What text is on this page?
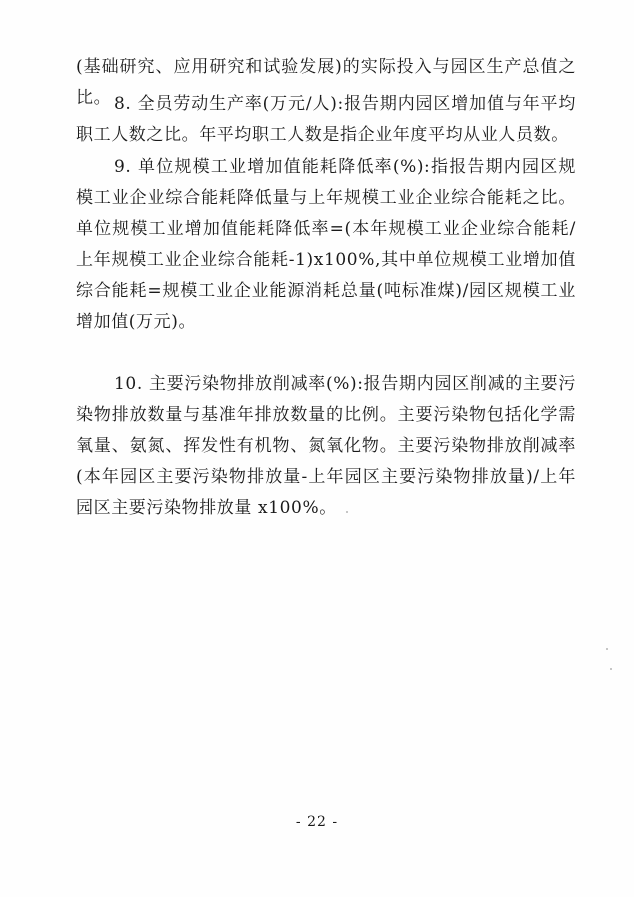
(基础研究、应用研究和试验发展)的实际投入与园区生产总值之比。 8. 全员劳动生产率(万元/人):报告期内园区增加值与年平均职工人数之比。年平均职工人数是指企业年度平均从业人员数。

9. 单位规模工业增加值能耗降低率(%):指报告期内园区规模工业企业综合能耗降低量与上年规模工业企业综合能耗之比。单位规模工业增加值能耗降低率=(本年规模工业企业综合能耗/上年规模工业企业综合能耗-1)x100%,其中单位规模工业增加值综合能耗=规模工业企业能源消耗总量(吨标准煤)/园区规模工业增加值(万元)。

10. 主要污染物排放削减率(%):报告期内园区削减的主要污染物排放数量与基准年排放数量的比例。主要污染物包括化学需氧量、氨氮、挥发性有机物、氮氧化物。主要污染物排放削减率(本年园区主要污染物排放量-上年园区主要污染物排放量)/上年园区主要污染物排放量 x100%。

- 22 -
